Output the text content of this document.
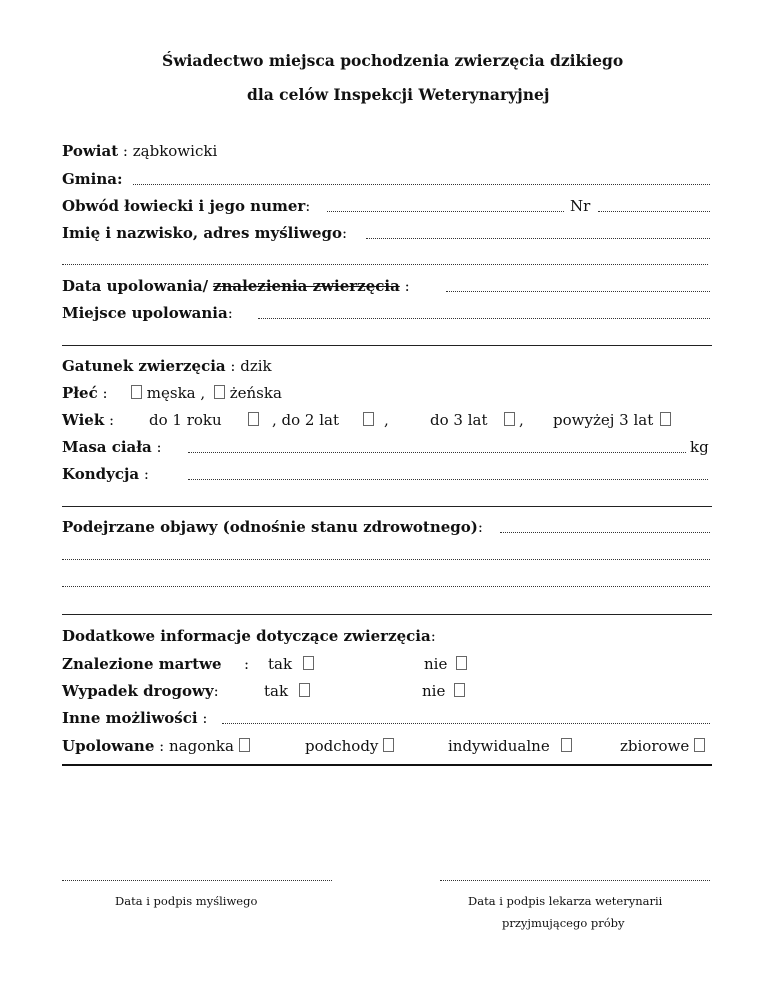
Świadectwo miejsca pochodzenia zwierzęcia dzikiego
dla celów Inspekcji Weterynaryjnej
Powiat : ząbkowicki
Gmina:
Obwód łowiecki i jego numer:	Nr
Imię i nazwisko, adres myśliwego:
Data upolowania/ znalezienia zwierzęcia :
Miejsce upolowania:
Gatunek zwierzęcia : dzik
Płeć :	męska , żeńska
Wiek : do 1 roku	, do 2 lat	,	do 3 lat , powyżej 3 lat
Masa ciała :	kg
Kondycja :
Podejrzane objawy (odnośnie stanu zdrowotnego):
Dodatkowe informacje dotyczące zwierzęcia:
Znalezione martwe : tak	nie
Wypadek drogowy:	tak	nie
Inne możliwości :
Upolowane : nagonka	podchody	indywidualne	zbiorowe
Data i podpis myśliwego	Data i podpis lekarza weterynarii
przyjmującego próby
